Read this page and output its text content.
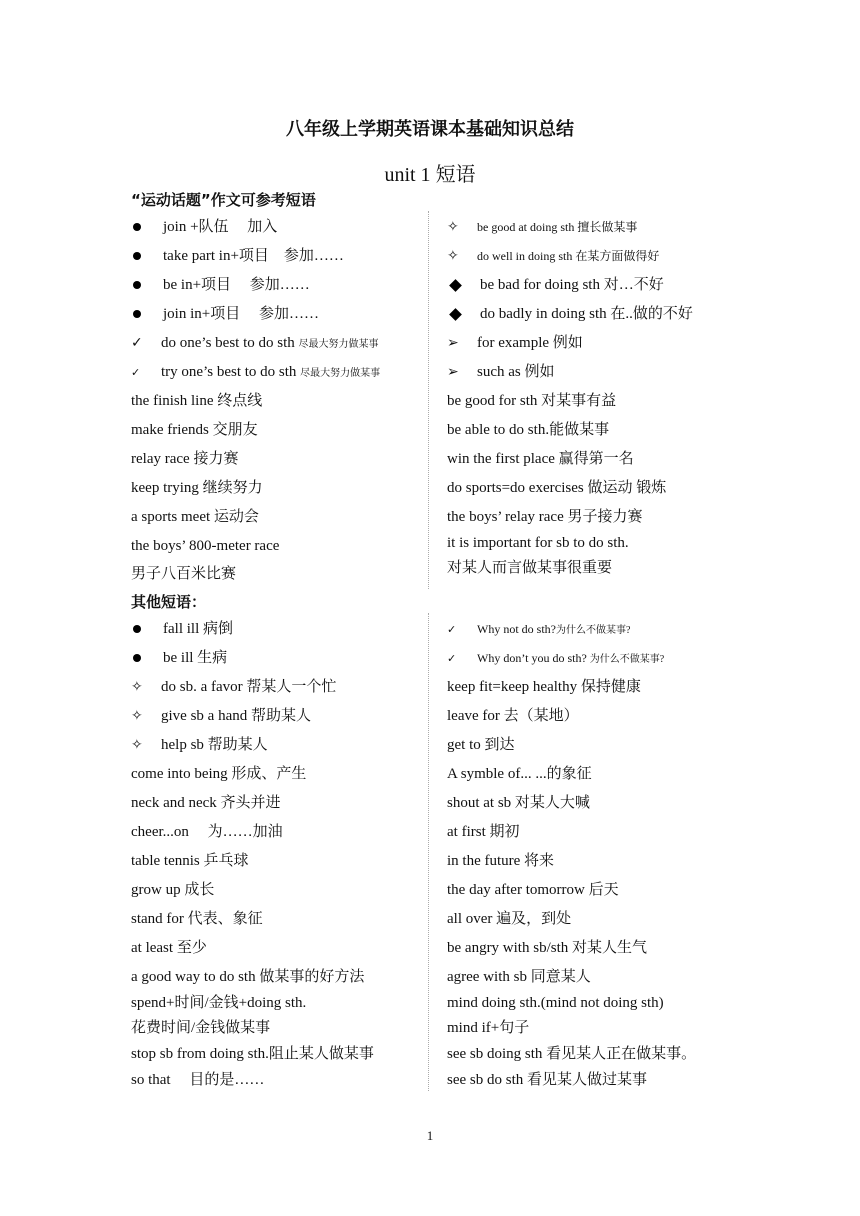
八年级上学期英语课本基础知识总结
unit 1 短语
“运动话题”作文可参考短语
join +队伍　 加入
take part in+项目　参加……
be in+项目　 参加……
join in+项目　 参加……
✓ do one’s best to do sth 尽最大努力做某事
✓ try one’s best to do sth 尽最大努力做某事
the finish line 终点线
make friends 交朋友
relay race 接力赛
keep trying 继续努力
a sports meet 运动会
the boys’ 800-meter race
男子八百米比赛
✧ be good at doing sth 擅长做某事
✧ do well in doing sth 在某方面做得好
be bad for doing sth 对…不好
do badly in doing sth 在..做的不好
➢ for example 例如
➢ such as 例如
be good for sth 对某事有益
be able to do sth.能做某事
win the first place 赢得第一名
do sports=do exercises 做运动 锻炼
the boys’ relay race 男子接力赛
it is important for sb to do sth.
对某人而言做某事很重要
其他短语：
fall ill 病倒
be ill 生病
✧ do sb. a favor 帮某人一个忙
✧ give sb a hand 帮助某人
✧ help sb 帮助某人
come into being 形成、产生
neck and neck 齐头并进
cheer...on　 为……加油
table tennis 乒乓球
grow up 成长
stand for 代表、象征
at least 至少
a good way to do sth 做某事的好方法
spend+时间/金钱+doing sth.
花费时间/金钱做某事
stop sb from doing sth.阻止某人做某事
so that　 目的是……
✓ Why not do sth?为什么不做某事?
✓ Why don’t you do sth? 为什么不做某事?
keep fit=keep healthy 保持健康
leave for 去（某地）
get to 到达
A symble of... ...的象征
shout at sb 对某人大喊
at first 期初
in the future 将来
the day after tomorrow 后天
all over 遍及，到处
be angry with sb/sth 对某人生气
agree with sb 同意某人
mind doing sth.(mind not doing sth)
mind if+句子
see sb doing sth 看见某人正在做某事。
see sb do sth 看见某人做过某事
1
